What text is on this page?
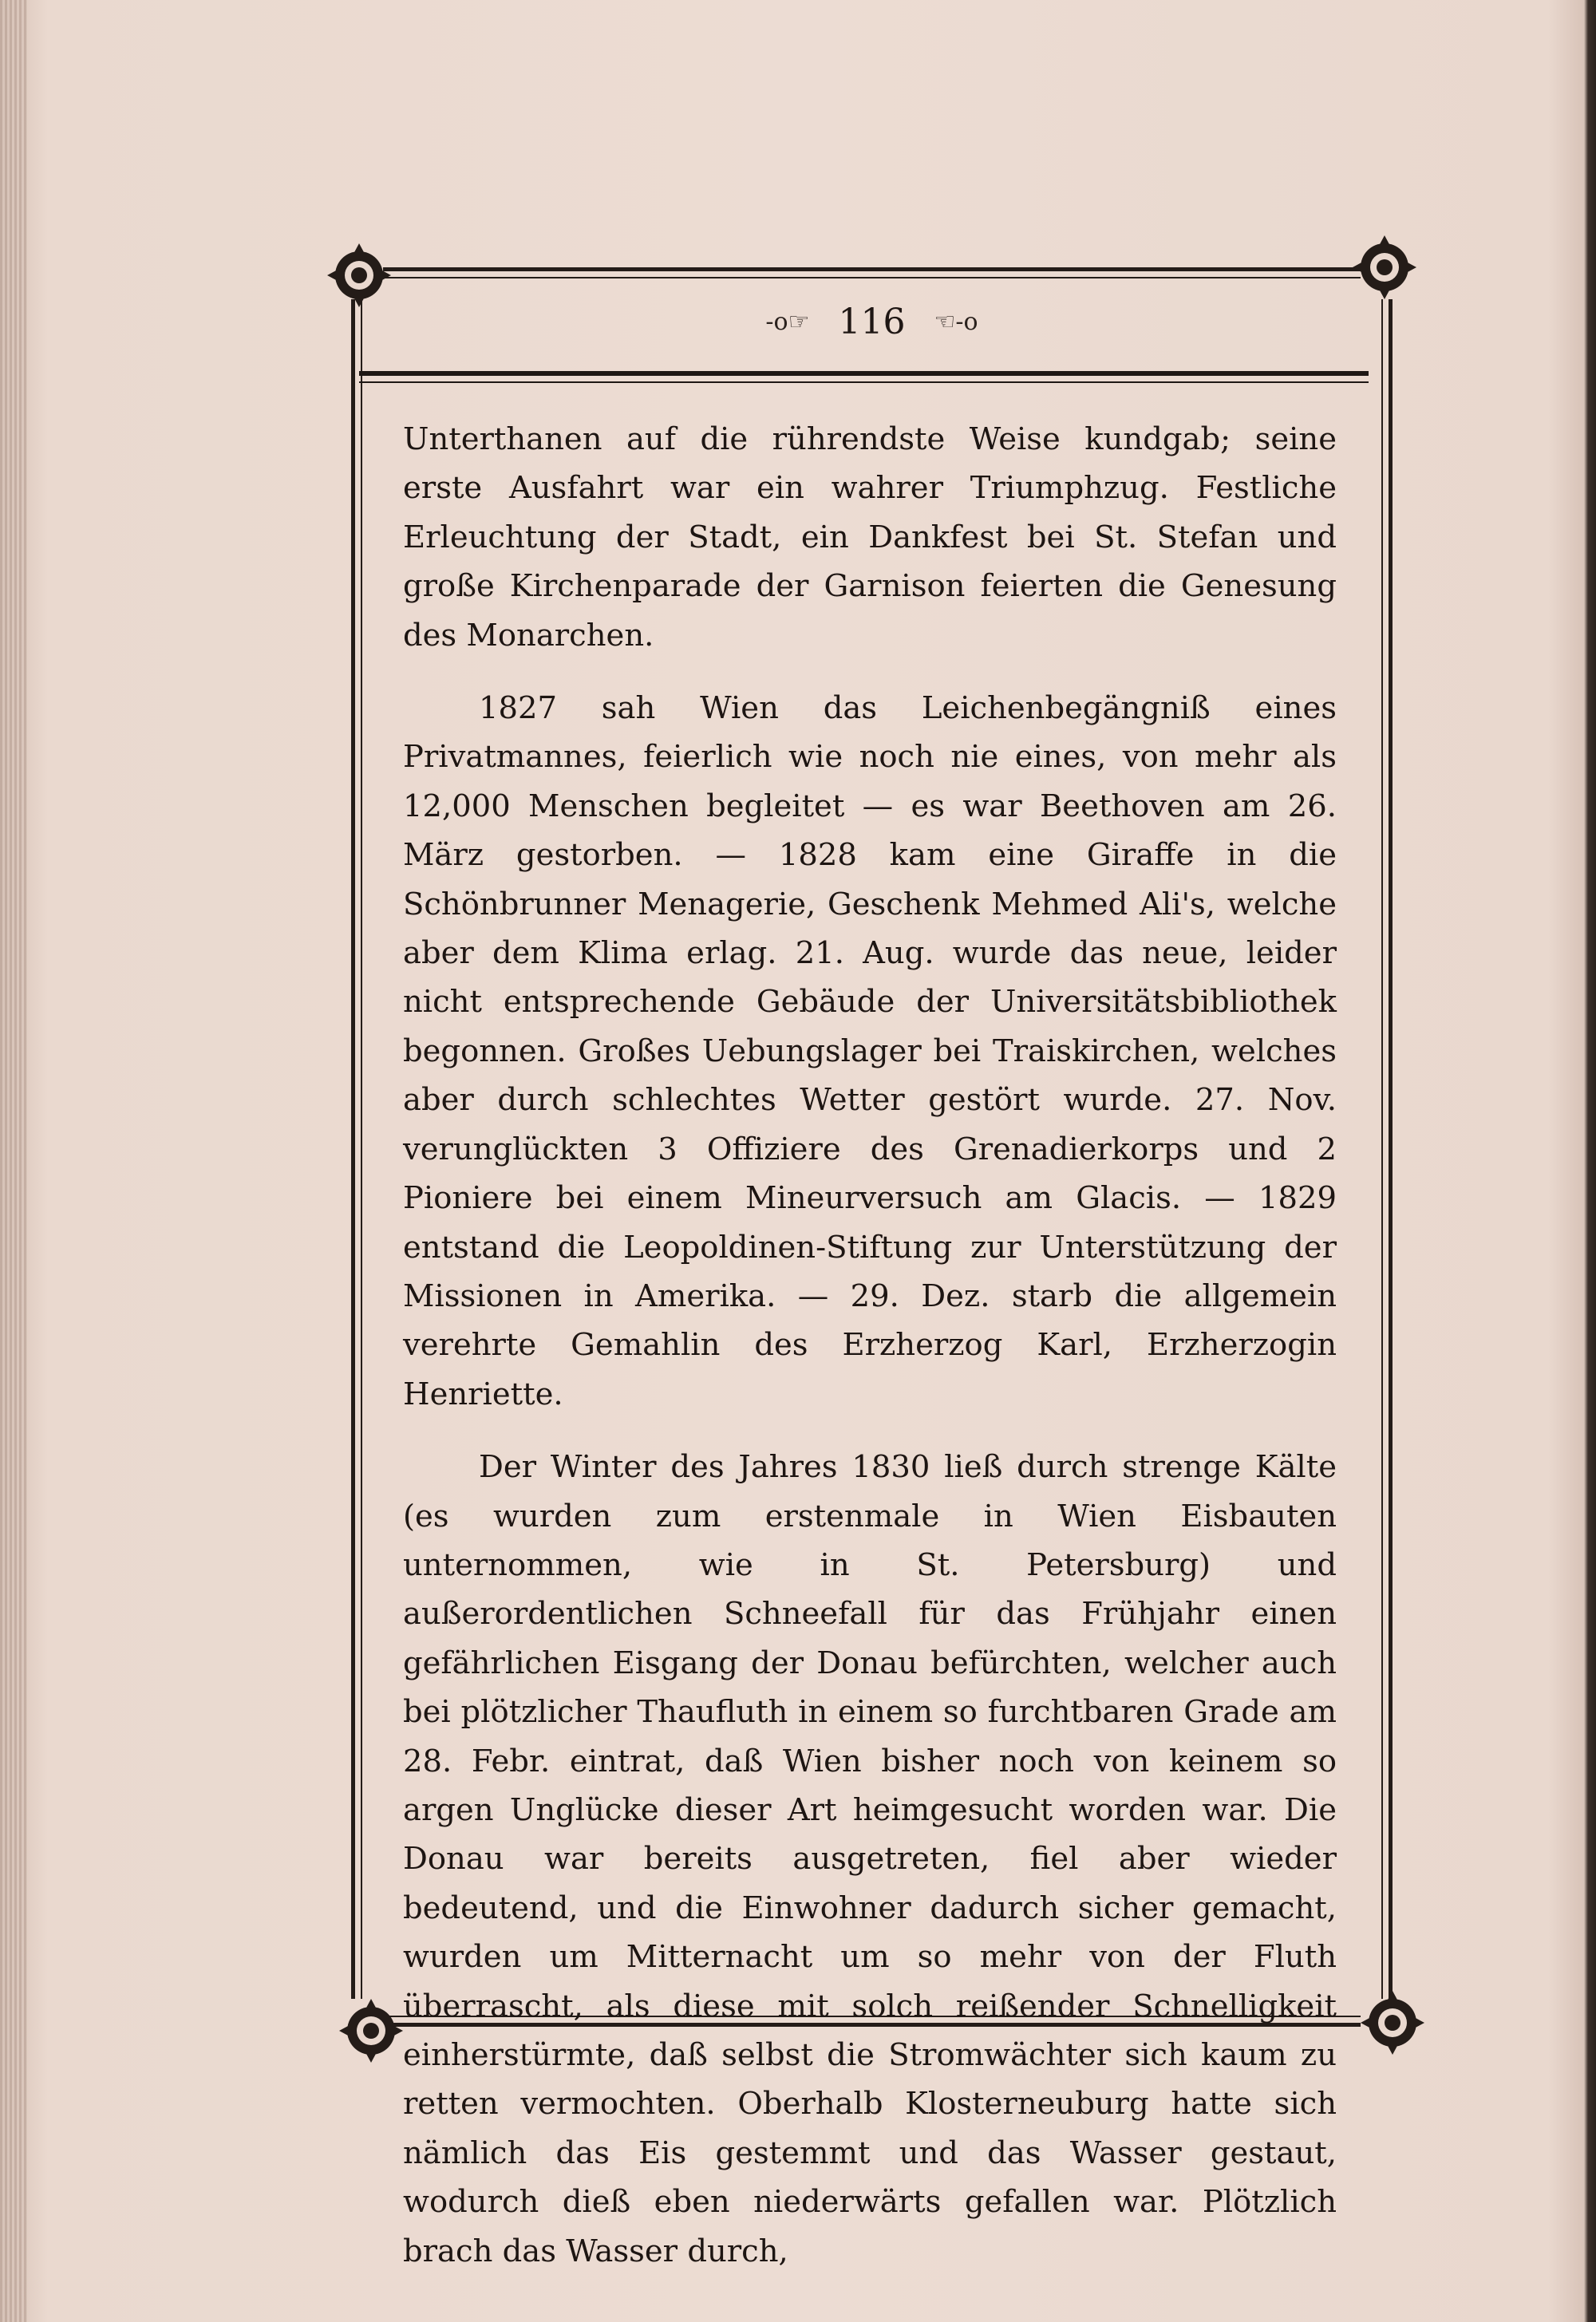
-o☞ 116 ☜-o

Unterthanen auf die rührendste Weise kundgab; seine erste Ausfahrt war ein wahrer Triumphzug. Festliche Erleuchtung der Stadt, ein Dankfest bei St. Stefan und große Kirchenparade der Garnison feierten die Genesung des Monarchen.

1827 sah Wien das Leichenbegängniß eines Privatmannes, feierlich wie noch nie eines, von mehr als 12,000 Menschen begleitet — es war Beethoven am 26. März gestorben. — 1828 kam eine Giraffe in die Schönbrunner Menagerie, Geschenk Mehmed Ali's, welche aber dem Klima erlag. 21. Aug. wurde das neue, leider nicht entsprechende Gebäude der Universitätsbibliothek begonnen. Großes Uebungslager bei Traiskirchen, welches aber durch schlechtes Wetter gestört wurde. 27. Nov. verunglückten 3 Offiziere des Grenadierkorps und 2 Pioniere bei einem Mineurversuch am Glacis. — 1829 entstand die Leopoldinen-Stiftung zur Unterstützung der Missionen in Amerika. — 29. Dez. starb die allgemein verehrte Gemahlin des Erzherzog Karl, Erzherzogin Henriette.

Der Winter des Jahres 1830 ließ durch strenge Kälte (es wurden zum erstenmale in Wien Eisbauten unternommen, wie in St. Petersburg) und außerordentlichen Schneefall für das Frühjahr einen gefährlichen Eisgang der Donau befürchten, welcher auch bei plötzlicher Thaufluth in einem so furchtbaren Grade am 28. Febr. eintrat, daß Wien bisher noch von keinem so argen Unglücke dieser Art heimgesucht worden war. Die Donau war bereits ausgetreten, fiel aber wieder bedeutend, und die Einwohner dadurch sicher gemacht, wurden um Mitternacht um so mehr von der Fluth überrascht, als diese mit solch reißender Schnelligkeit einherstürmte, daß selbst die Stromwächter sich kaum zu retten vermochten. Oberhalb Klosterneuburg hatte sich nämlich das Eis gestemmt und das Wasser gestaut, wodurch dieß eben niederwärts gefallen war. Plötzlich brach das Wasser durch,
